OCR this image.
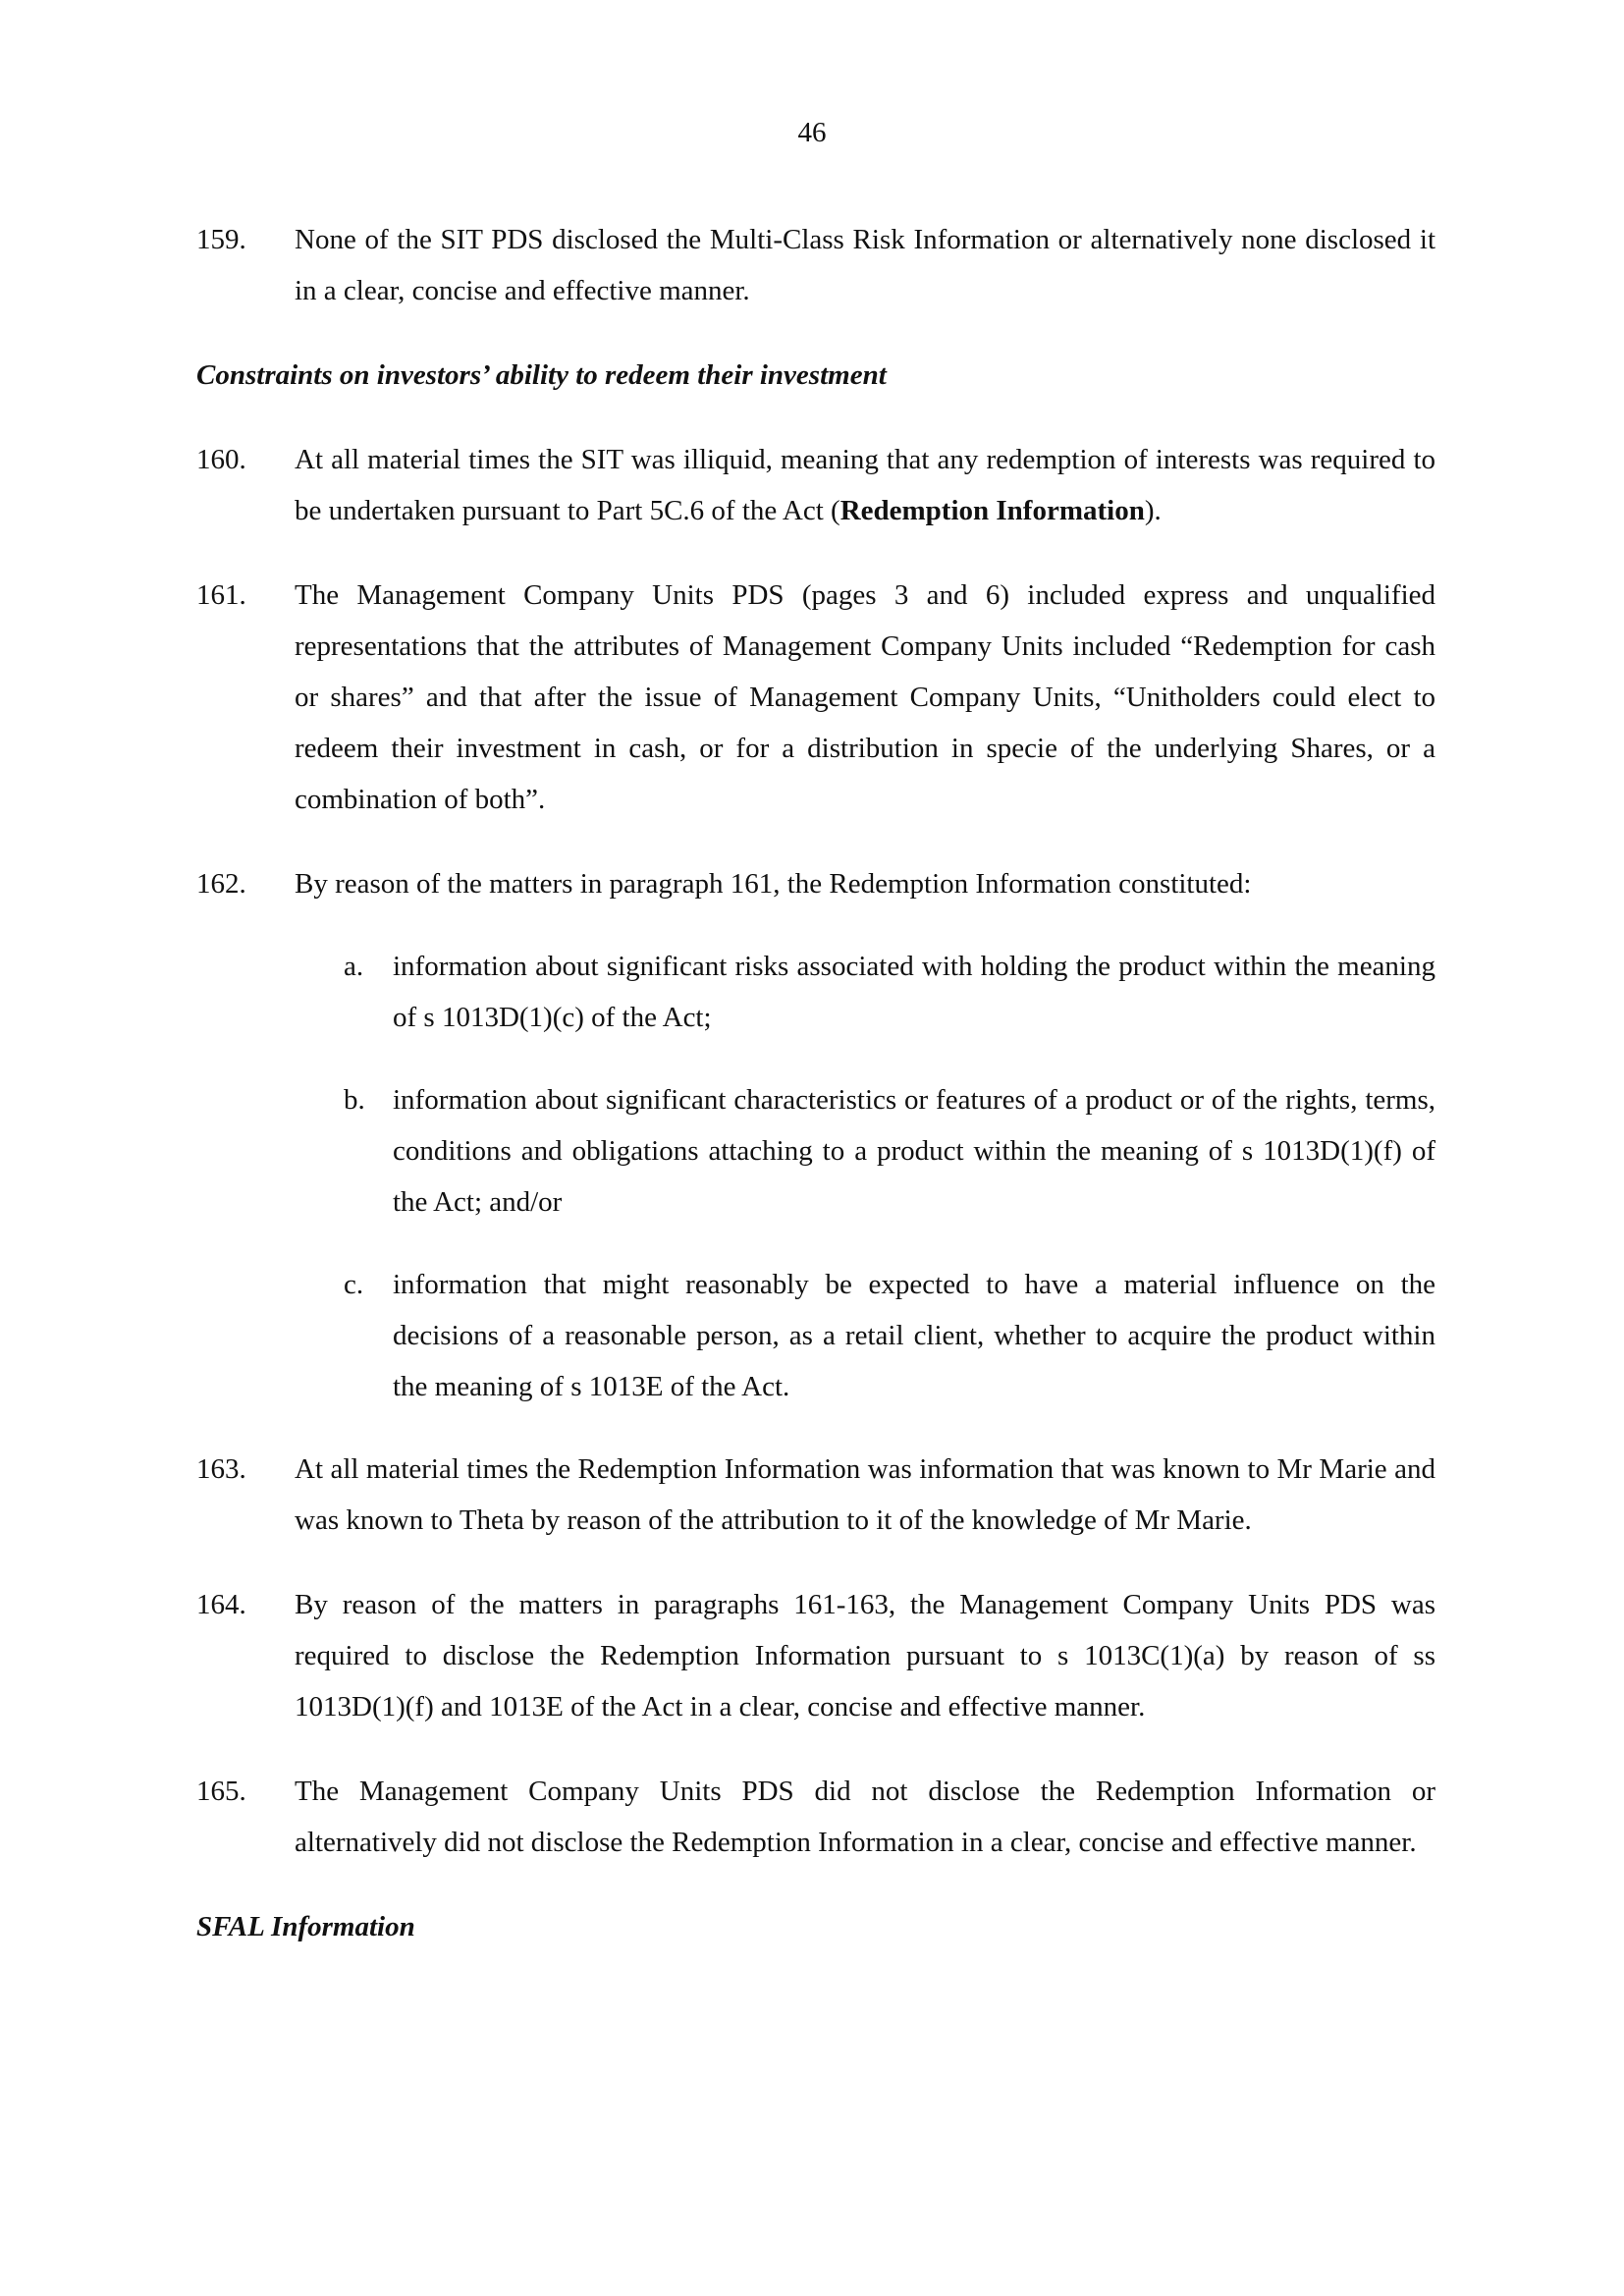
46
159.	None of the SIT PDS disclosed the Multi-Class Risk Information or alternatively none disclosed it in a clear, concise and effective manner.
Constraints on investors’ ability to redeem their investment
160.	At all material times the SIT was illiquid, meaning that any redemption of interests was required to be undertaken pursuant to Part 5C.6 of the Act (Redemption Information).
161.	The Management Company Units PDS (pages 3 and 6) included express and unqualified representations that the attributes of Management Company Units included “Redemption for cash or shares” and that after the issue of Management Company Units, “Unitholders could elect to redeem their investment in cash, or for a distribution in specie of the underlying Shares, or a combination of both”.
162.	By reason of the matters in paragraph 161, the Redemption Information constituted:
a.	information about significant risks associated with holding the product within the meaning of s 1013D(1)(c) of the Act;
b. information about significant characteristics or features of a product or of the rights, terms, conditions and obligations attaching to a product within the meaning of s 1013D(1)(f) of the Act; and/or
c.	information that might reasonably be expected to have a material influence on the decisions of a reasonable person, as a retail client, whether to acquire the product within the meaning of s 1013E of the Act.
163.	At all material times the Redemption Information was information that was known to Mr Marie and was known to Theta by reason of the attribution to it of the knowledge of Mr Marie.
164.	By reason of the matters in paragraphs 161-163, the Management Company Units PDS was required to disclose the Redemption Information pursuant to s 1013C(1)(a) by reason of ss 1013D(1)(f) and 1013E of the Act in a clear, concise and effective manner.
165.	The Management Company Units PDS did not disclose the Redemption Information or alternatively did not disclose the Redemption Information in a clear, concise and effective manner.
SFAL Information
